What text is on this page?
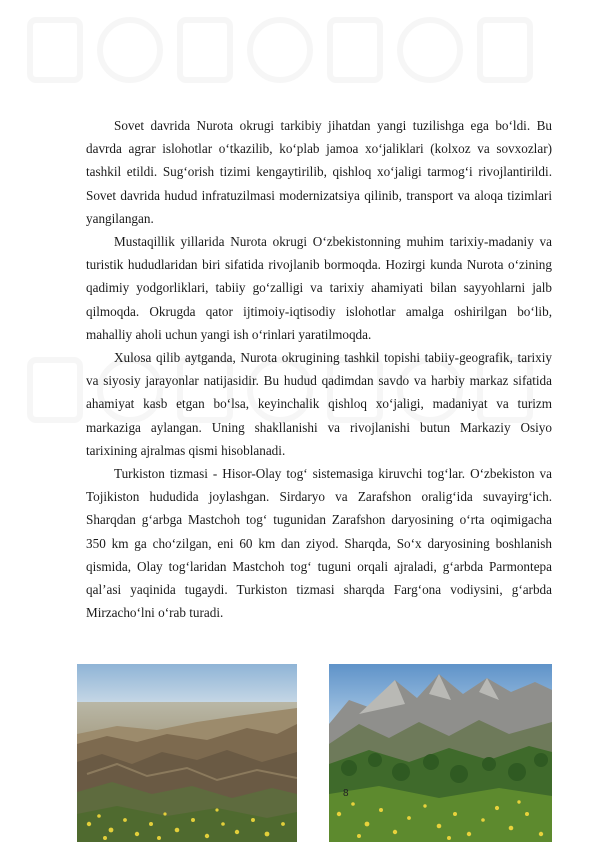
Sovet davrida Nurota okrugi tarkibiy jihatdan yangi tuzilishga ega bo‘ldi. Bu davrda agrar islohotlar o‘tkazilib, ko‘plab jamoa xo‘jaliklari (kolxoz va sovxozlar) tashkil etildi. Sug‘orish tizimi kengaytirilib, qishloq xo‘jaligi tarmog‘i rivojlantirildi. Sovet davrida hudud infratuzilmasi modernizatsiya qilinib, transport va aloqa tizimlari yangilangan.

Mustaqillik yillarida Nurota okrugi O‘zbekistonning muhim tarixiy-madaniy va turistik hududlaridan biri sifatida rivojlanib bormoqda. Hozirgi kunda Nurota o‘zining qadimiy yodgorliklari, tabiiy go‘zalligi va tarixiy ahamiyati bilan sayyohlarni jalb qilmoqda. Okrugda qator ijtimoiy-iqtisodiy islohotlar amalga oshirilgan bo‘lib, mahalliy aholi uchun yangi ish o‘rinlari yaratilmoqda.

Xulosa qilib aytganda, Nurota okrugining tashkil topishi tabiiy-geografik, tarixiy va siyosiy jarayonlar natijasidir. Bu hudud qadimdan savdo va harbiy markaz sifatida ahamiyat kasb etgan bo‘lsa, keyinchalik qishloq xo‘jaligi, madaniyat va turizm markaziga aylangan. Uning shakllanishi va rivojlanishi butun Markaziy Osiyo tarixining ajralmas qismi hisoblanadi.

Turkiston tizmasi - Hisor-Olay tog‘ sistemasiga kiruvchi tog‘lar. O‘zbekiston va Tojikiston hududida joylashgan. Sirdaryo va Zarafshon oralig‘ida suvayirg‘ich. Sharqdan g‘arbga Mastchoh tog‘ tugunidan Zarafshon daryosining o‘rta oqimigacha 350 km ga cho‘zilgan, eni 60 km dan ziyod. Sharqda, So‘x daryosining boshlanish qismida, Olay tog‘laridan Mastchoh tog‘ tuguni orqali ajraladi, g‘arbda Parmontepa qal’asi yaqinida tugaydi. Turkiston tizmasi sharqda Farg‘ona vodiysini, g‘arbda Mirzacho‘lni o‘rab turadi.

8
